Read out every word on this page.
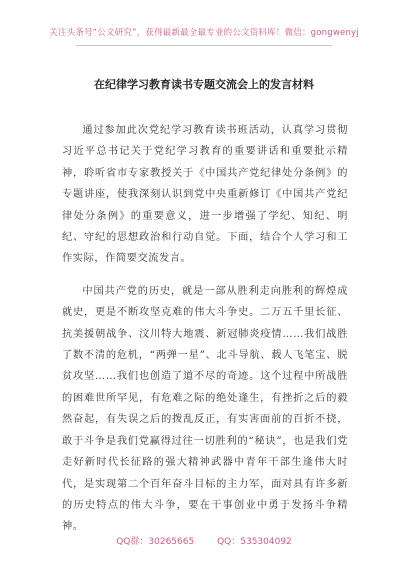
关注头条号“公文研究”，获得最新最全最专业的公文资料库！微信：gongwenyj
在纪律学习教育读书专题交流会上的发言材料

通过参加此次党纪学习教育读书班活动，认真学习贯彻习近平总书记关于党纪学习教育的重要讲话和重要批示精神，聆听省市专家教授关于《中国共产党纪律处分条例》的专题讲座，使我深刻认识到党中央重新修订《中国共产党纪律处分条例》的重要意义，进一步增强了学纪、知纪、明纪、守纪的思想政治和行动自觉。下面，结合个人学习和工作实际，作简要交流发言。

中国共产党的历史，就是一部从胜利走向胜利的辉煌成就史，更是不断攻坚克难的伟大斗争史。二万五千里长征、抗美援朝战争、汶川特大地震、新冠肺炎疫情……我们战胜了数不清的危机，“两弹一星”、北斗导航、载人飞笔宝、脱贫攻坚……我们也创造了道不尽的奇迹。这个过程中所战胜的困难世所罕见，有危难之际的绝处逢生，有挫折之后的毅然奋起，有失误之后的拨乱反正，有实害面前的百折不挠，敢于斗争是我们党赢得过往一切胜利的“秘诀”，也是我们党走好新时代长征路的强大精神武器中青年干部生逢伟大时代，是实现第二个百年奋斗目标的主力军，面对具有许多新的历史特点的伟大斗争，要在干事创业中勇于发扬斗争精神。

QQ群：30265665	QQ：535304092
